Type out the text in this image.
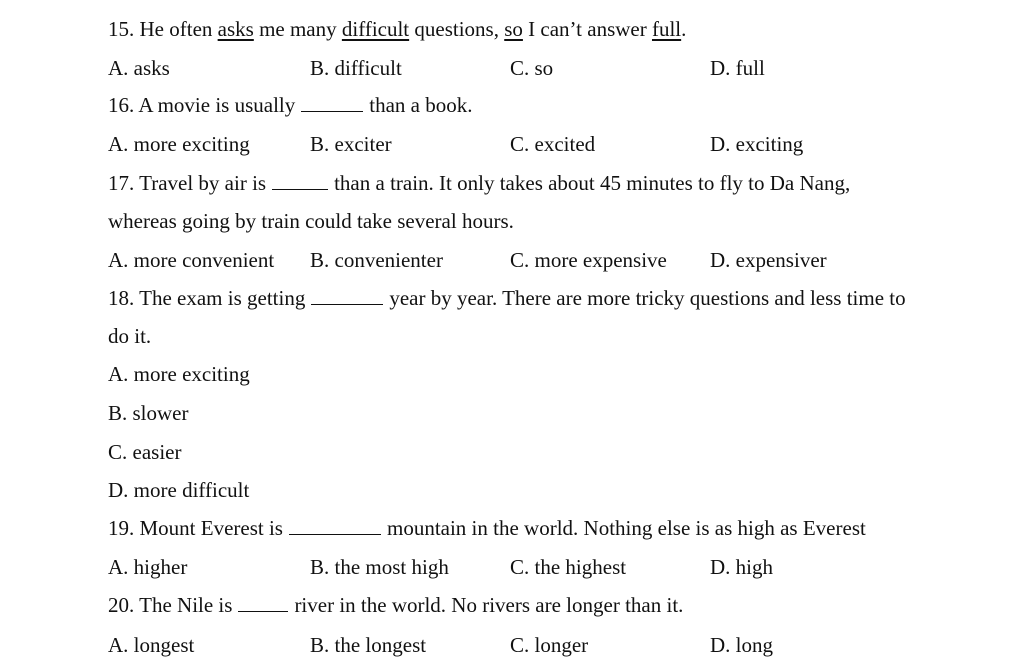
15. He often asks me many difficult questions, so I can’t answer full.
A. asks	B. difficult	C. so	D. full
16. A movie is usually	than a book.
A. more exciting	B. exciter	C. excited	D. exciting
17. Travel by air is	than a train. It only takes about 45 minutes to fly to Da Nang,
whereas going by train could take several hours.
A. more convenient B. convenienter	C. more expensive D. expensiver
18. The exam is getting	year by year. There are more tricky questions and less time to
do it.
A. more exciting
B. slower
C. easier
D. more difficult
19. Mount Everest is	mountain in the world. Nothing else is as high as Everest
A. higher	B. the most high	C. the highest	D. high
20. The Nile is	river in the world. No rivers are longer than it.
A. longest	B. the longest	C. longer	D. long
